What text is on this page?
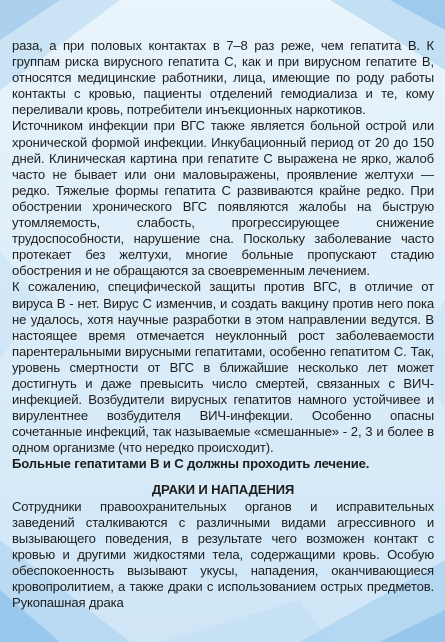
раза, а при половых контактах в 7–8 раз реже, чем гепатита В. К группам риска вирусного гепатита С, как и при вирусном гепатите В, относятся медицинские работники, лица, имеющие по роду работы контакты с кровью, пациенты отделений гемодиализа и те, кому переливали кровь, потребители инъекционных наркотиков.

Источником инфекции при ВГС также является больной острой или хронической формой инфекции. Инкубационный период от 20 до 150 дней. Клиническая картина при гепатите С выражена не ярко, жалоб часто не бывает или они маловыражены, проявление желтухи — редко. Тяжелые формы гепатита С развиваются крайне редко. При обострении хронического ВГС появляются жалобы на быструю утомляемость, слабость, прогрессирующее снижение трудоспособности, нарушение сна. Поскольку заболевание часто протекает без желтухи, многие больные пропускают стадию обострения и не обращаются за своевременным лечением.

К сожалению, специфической защиты против ВГС, в отличие от вируса В - нет. Вирус С изменчив, и создать вакцину против него пока не удалось, хотя научные разработки в этом направлении ведутся. В настоящее время отмечается неуклонный рост заболеваемости парентеральными вирусными гепатитами, особенно гепатитом С. Так, уровень смертности от ВГС в ближайшие несколько лет может достигнуть и даже превысить число смертей, связанных с ВИЧ-инфекцией. Возбудители вирусных гепатитов намного устойчивее и вирулентнее возбудителя ВИЧ-инфекции. Особенно опасны сочетанные инфекций, так называемые «смешанные» - 2, 3 и более в одном организме (что нередко происходит).

Больные гепатитами В и С должны проходить лечение.

ДРАКИ И НАПАДЕНИЯ

Сотрудники правоохранительных органов и исправительных заведений сталкиваются с различными видами агрессивного и вызывающего поведения, в результате чего возможен контакт с кровью и другими жидкостями тела, содержащими кровь. Особую обеспокоенность вызывают укусы, нападения, оканчивающиеся кровопролитием, а также драки с использованием острых предметов. Рукопашная драка
